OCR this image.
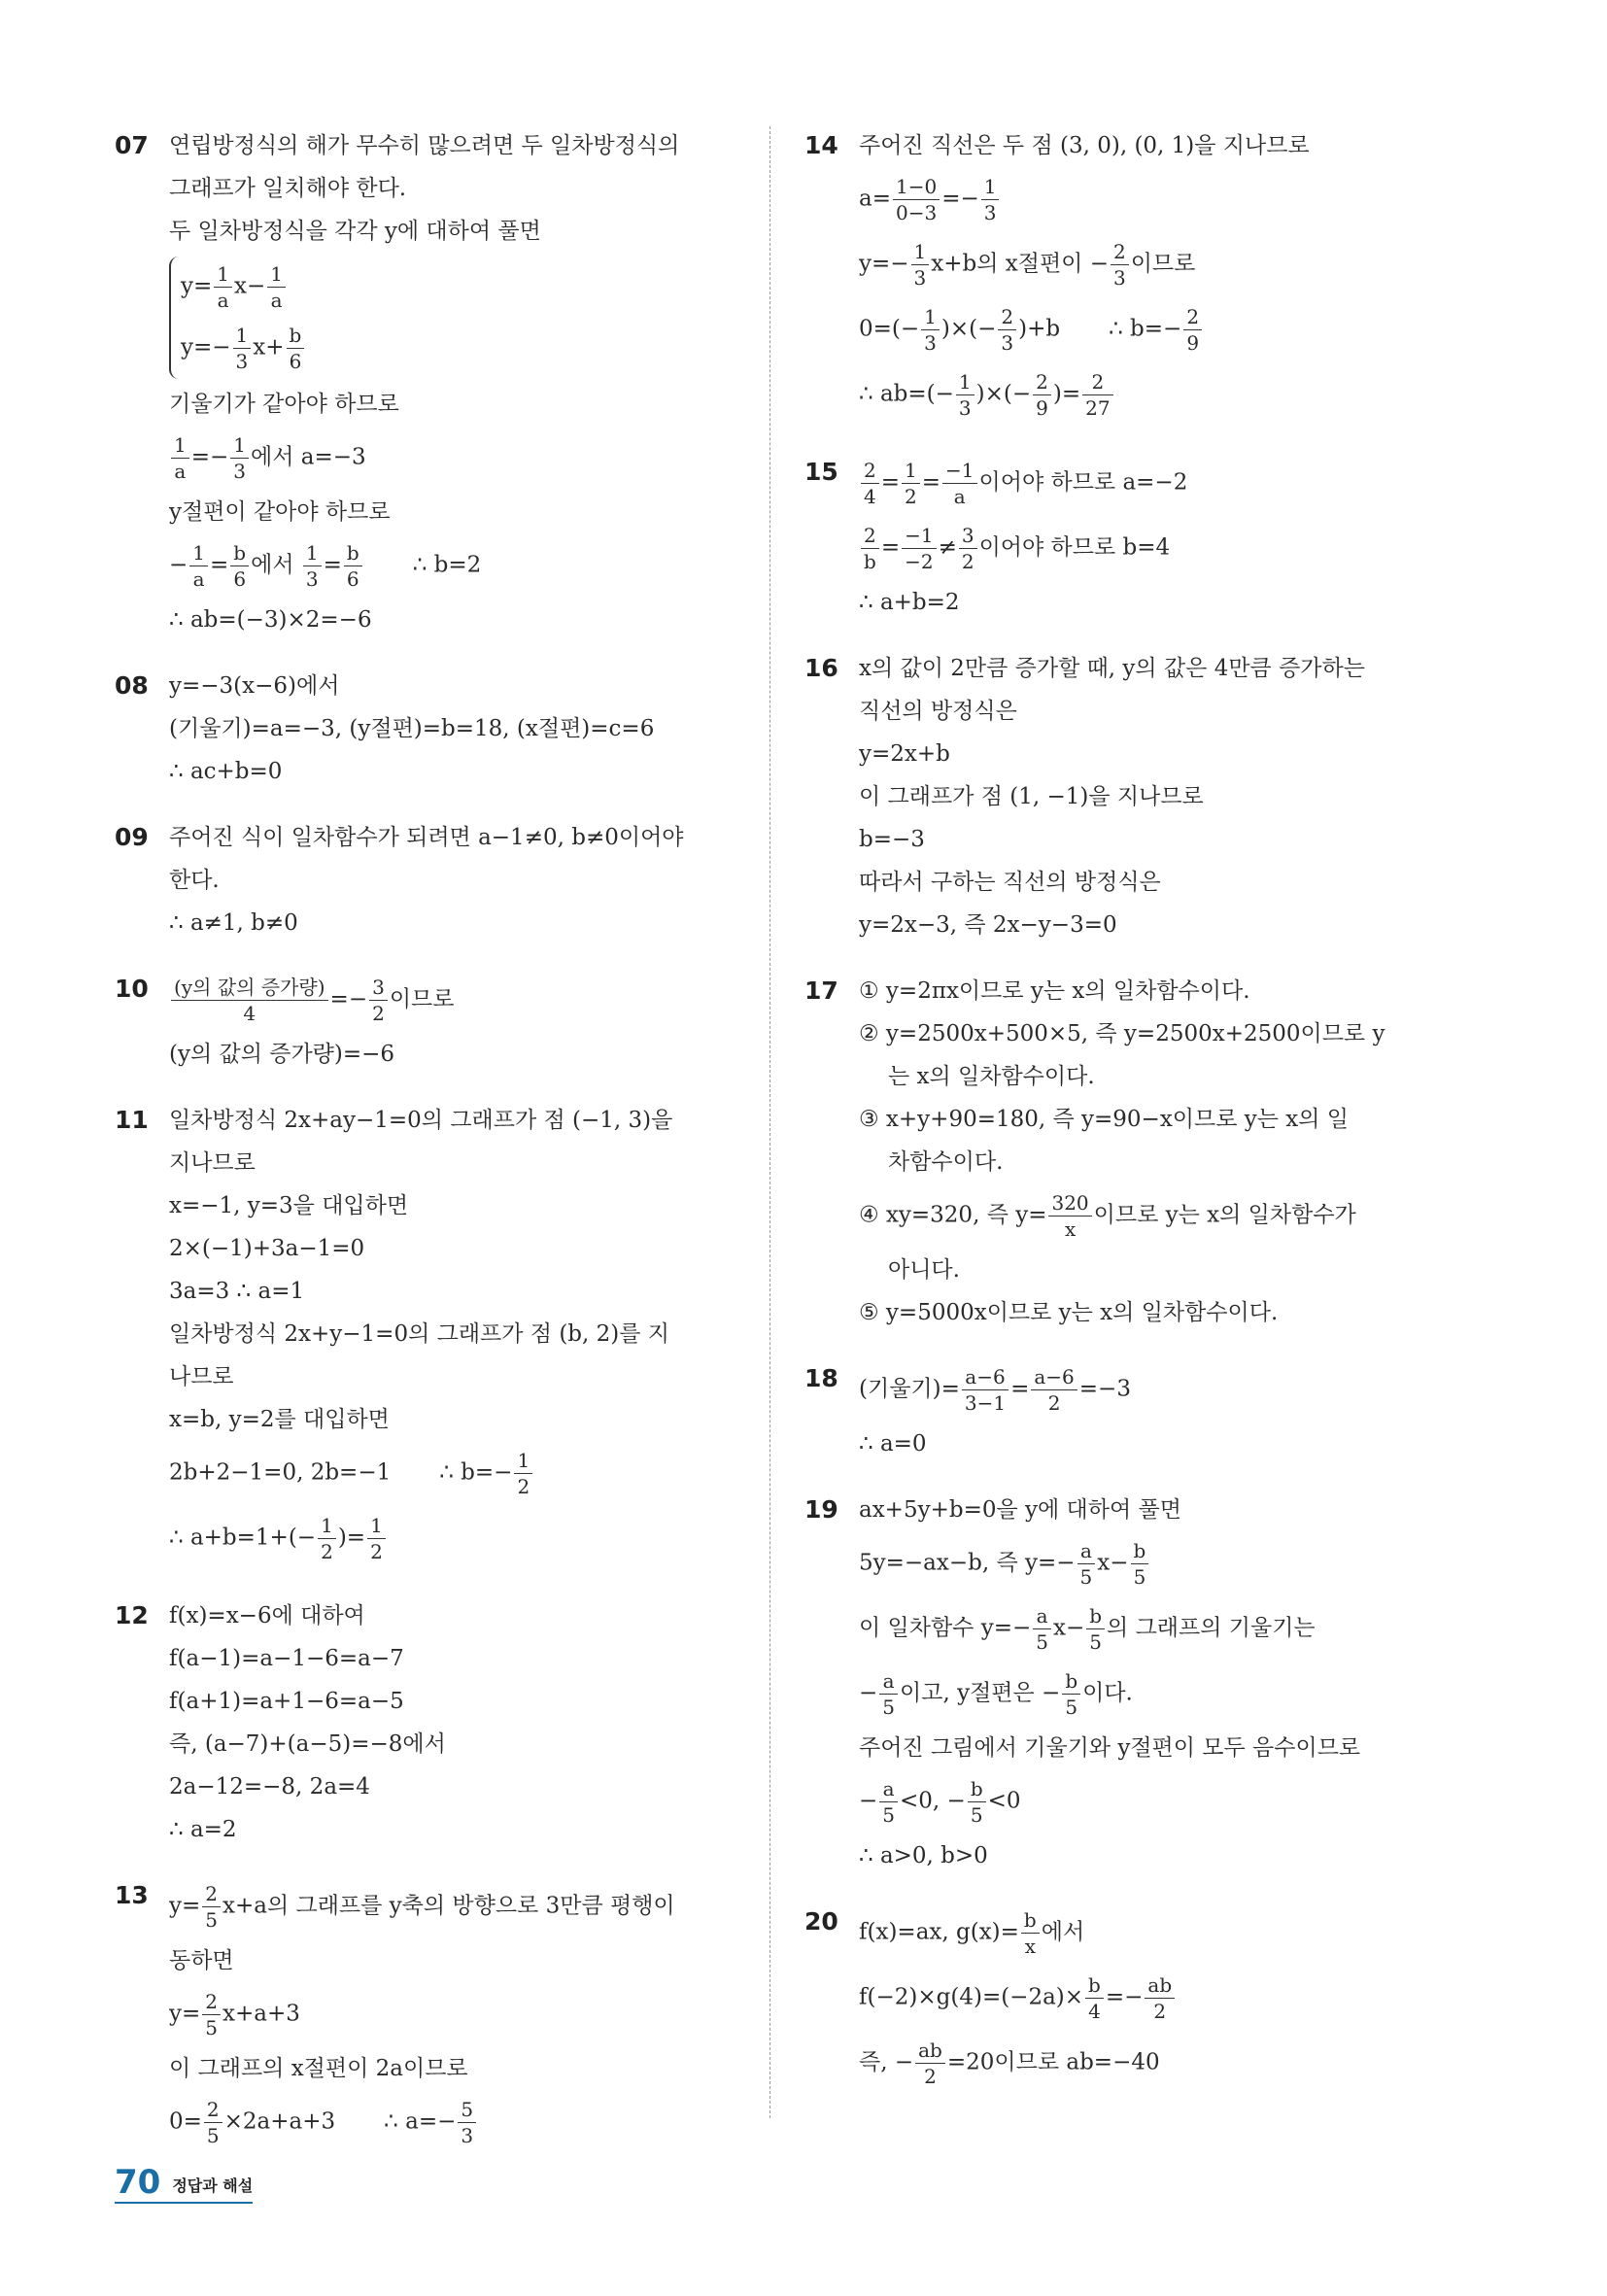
07 연립방정식의 해가 무수히 많으려면 두 일차방정식의
그래프가 일치해야 한다.
두 일차방정식을 각각 y에 대하여 풀면
$y= \frac{1}{a} x- \frac{1}{a}$
$y=- \frac{1}{3} x+ \frac{b}{6}$
기울기가 같아야 하므로
$\frac{1}{a} =- \frac{1}{3}$ 에서 a=−3
y절편이 같아야 하므로
− $\frac{1}{a} = \frac{b}{6}$ 에서 $\frac{1}{3} = \frac{b}{6}$ ∴ b=2
∴ ab=(−3)×2=−6
08 y=−3(x−6)에서
(기울기)=a=−3, (y절편)=b=18, (x절편)=c=6
∴ ac+b=0
09 주어진 식이 일차함수가 되려면 a−1≠0, b≠0이어야
한다.
∴ a≠1, b≠0
$10 \frac{\text{(y의 값의 증가량)}}{4} =- \frac{3}{2}$ 이므로
(y의 값의 증가량)=−6
11 일차방정식 2x+ay−1=0의 그래프가 점 (−1, 3)을
지나므로
x=−1, y=3을 대입하면
2×(−1)+3a−1=0
3a=3 ∴ a=1
일차방정식 2x+y−1=0의 그래프가 점 (b, 2)를 지
나므로
x=b, y=2를 대입하면
2b+2−1=0, 2b=−1 ∴ $b=- \frac{1}{2}$
∴ $a+b=1+(- \frac{1}{2}$ )= $\frac{1}{2}$
12 f(x)=x−6에 대하여
f(a−1)=a−1−6=a−7
f(a+1)=a+1−6=a−5
즉, (a−7)+(a−5)=−8에서
2a−12=−8, 2a=4
∴ a=2
13 $y= \frac{2}{5} x+a$의 그래프를 y축의 방향으로 3만큼 평행이
동하면
$y= \frac{2}{5} x+a+3$
이 그래프의 x절편이 2a이므로
$0= \frac{2}{5} \times 2a+a+3$ ∴ $a=- \frac{5}{3}$
14 주어진 직선은 두 점 (3, 0), (0, 1)을 지나므로
$a= \frac{1-0}{0-3} =- \frac{1}{3}$
$y=- \frac{1}{3} x+b$의 x절편이 − $\frac{2}{3}$ 이므로
$0=(- \frac{1}{3}$ )×(− $\frac{2}{3} )+b$ ∴ $b=- \frac{2}{9}$
∴ $ab=(- \frac{1}{3}$ )×(− $\frac{2}{9}$ )= $\frac{2}{27}$
$15 \frac{2}{4} = \frac{1}{2} = \frac{-1}{a}$ 이어야 하므로 a=−2
$\frac{2}{b} = \frac{-1}{-2} \ne \frac{3}{2}$ 이어야 하므로 b=4
∴ a+b=2
16 x의 값이 2만큼 증가할 때, y의 값은 4만큼 증가하는
직선의 방정식은
y=2x+b
이 그래프가 점 (1, −1)을 지나므로
b=−3
따라서 구하는 직선의 방정식은
y=2x−3, 즉 2x−y−3=0
17 ① y=2πx이므로 y는 x의 일차함수이다.
② y=2500x+500×5, 즉 y=2500x+2500이므로 y
는 x의 일차함수이다.
③ x+y+90=180, 즉 y=90−x이므로 y는 x의 일
차함수이다.
④ xy=320, 즉 $y= \frac{320}{x}$ 이므로 y는 x의 일차함수가
아니다.
⑤ y=5000x이므로 y는 x의 일차함수이다.
18 (기울기)= $\frac{a-6}{3-1} = \frac{a-6}{2} =-3$
∴ a=0
19 ax+5y+b=0을 y에 대하여 풀면
5y=−ax−b, 즉 $y=- \frac{a}{5} x- \frac{b}{5}$
이 일차함수 $y=- \frac{a}{5} x- \frac{b}{5}$ 의 그래프의 기울기는
− $\frac{a}{5}$ 이고, y절편은 − $\frac{b}{5}$ 이다.
주어진 그림에서 기울기와 y절편이 모두 음수이므로
− $\frac{a}{5} <0$, − $\frac{b}{5} <0$
∴ a>0, b>0
20 f(x)=ax, $g(x)= \frac{b}{x}$ 에서
$f(-2)\times g(4)=(-2a)\times \frac{b}{4} =- \frac{ab}{2}$
즉, − $\frac{ab}{2} =20$이므로 ab=−40
70 정답과 해설
